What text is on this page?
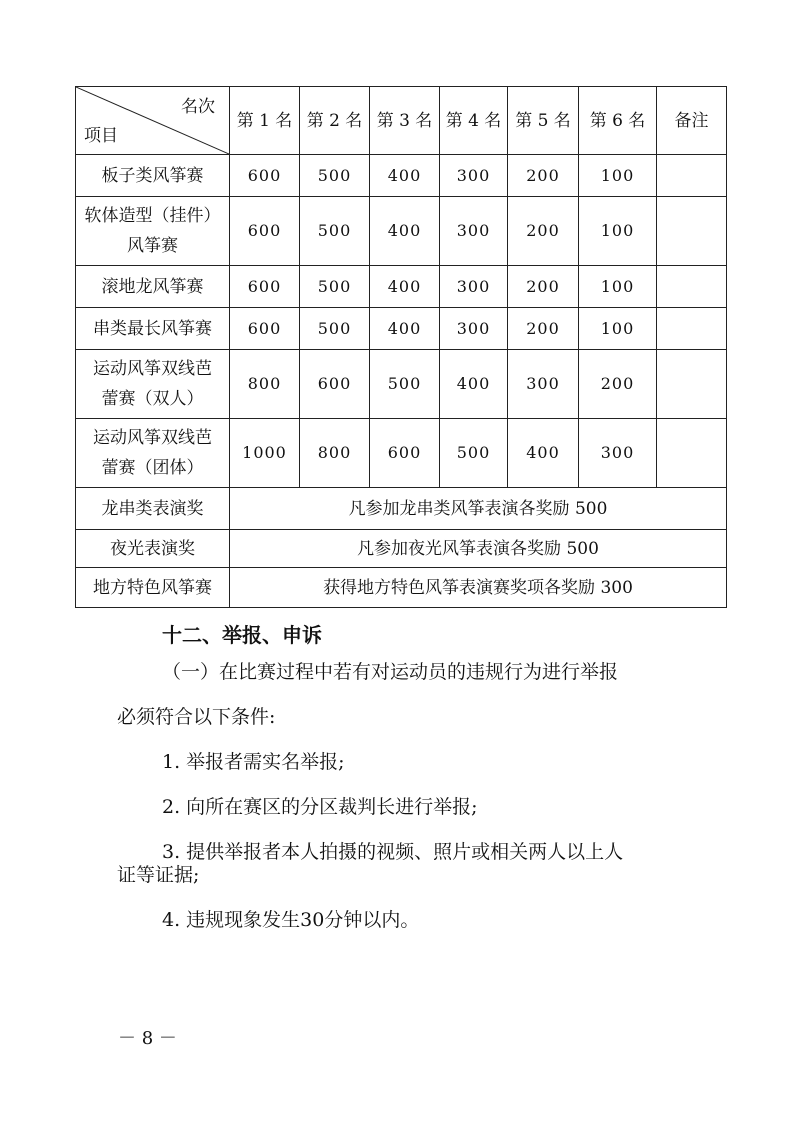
名次
项目	第 1 名	第 2 名	第 3 名	第 4 名	第 5 名	第 6 名	备注
板子类风筝赛	600	500	400	300	200	100	

软体造型（挂件）
风筝赛	600	500	400	300	200	100	
滚地龙风筝赛	600	500	400	300	200	100	
串类最长风筝赛	600	500	400	300	200	100	

运动风筝双线芭
蕾赛（双人）	800	600	500	400	300	200	

运动风筝双线芭
蕾赛（团体）	1000	800	600	500	400	300	
龙串类表演奖	凡参加龙串类风筝表演各奖励 500						
夜光表演奖	凡参加夜光风筝表演各奖励 500						
地方特色风筝赛	获得地方特色风筝表演赛奖项各奖励 300						
十二、举报、申诉
（一）在比赛过程中若有对运动员的违规行为进行举报
必须符合以下条件:
1. 举报者需实名举报;
2. 向所在赛区的分区裁判长进行举报;
3. 提供举报者本人拍摄的视频、照片或相关两人以上人
证等证据;
4. 违规现象发生30分钟以内。
－ 8 －
